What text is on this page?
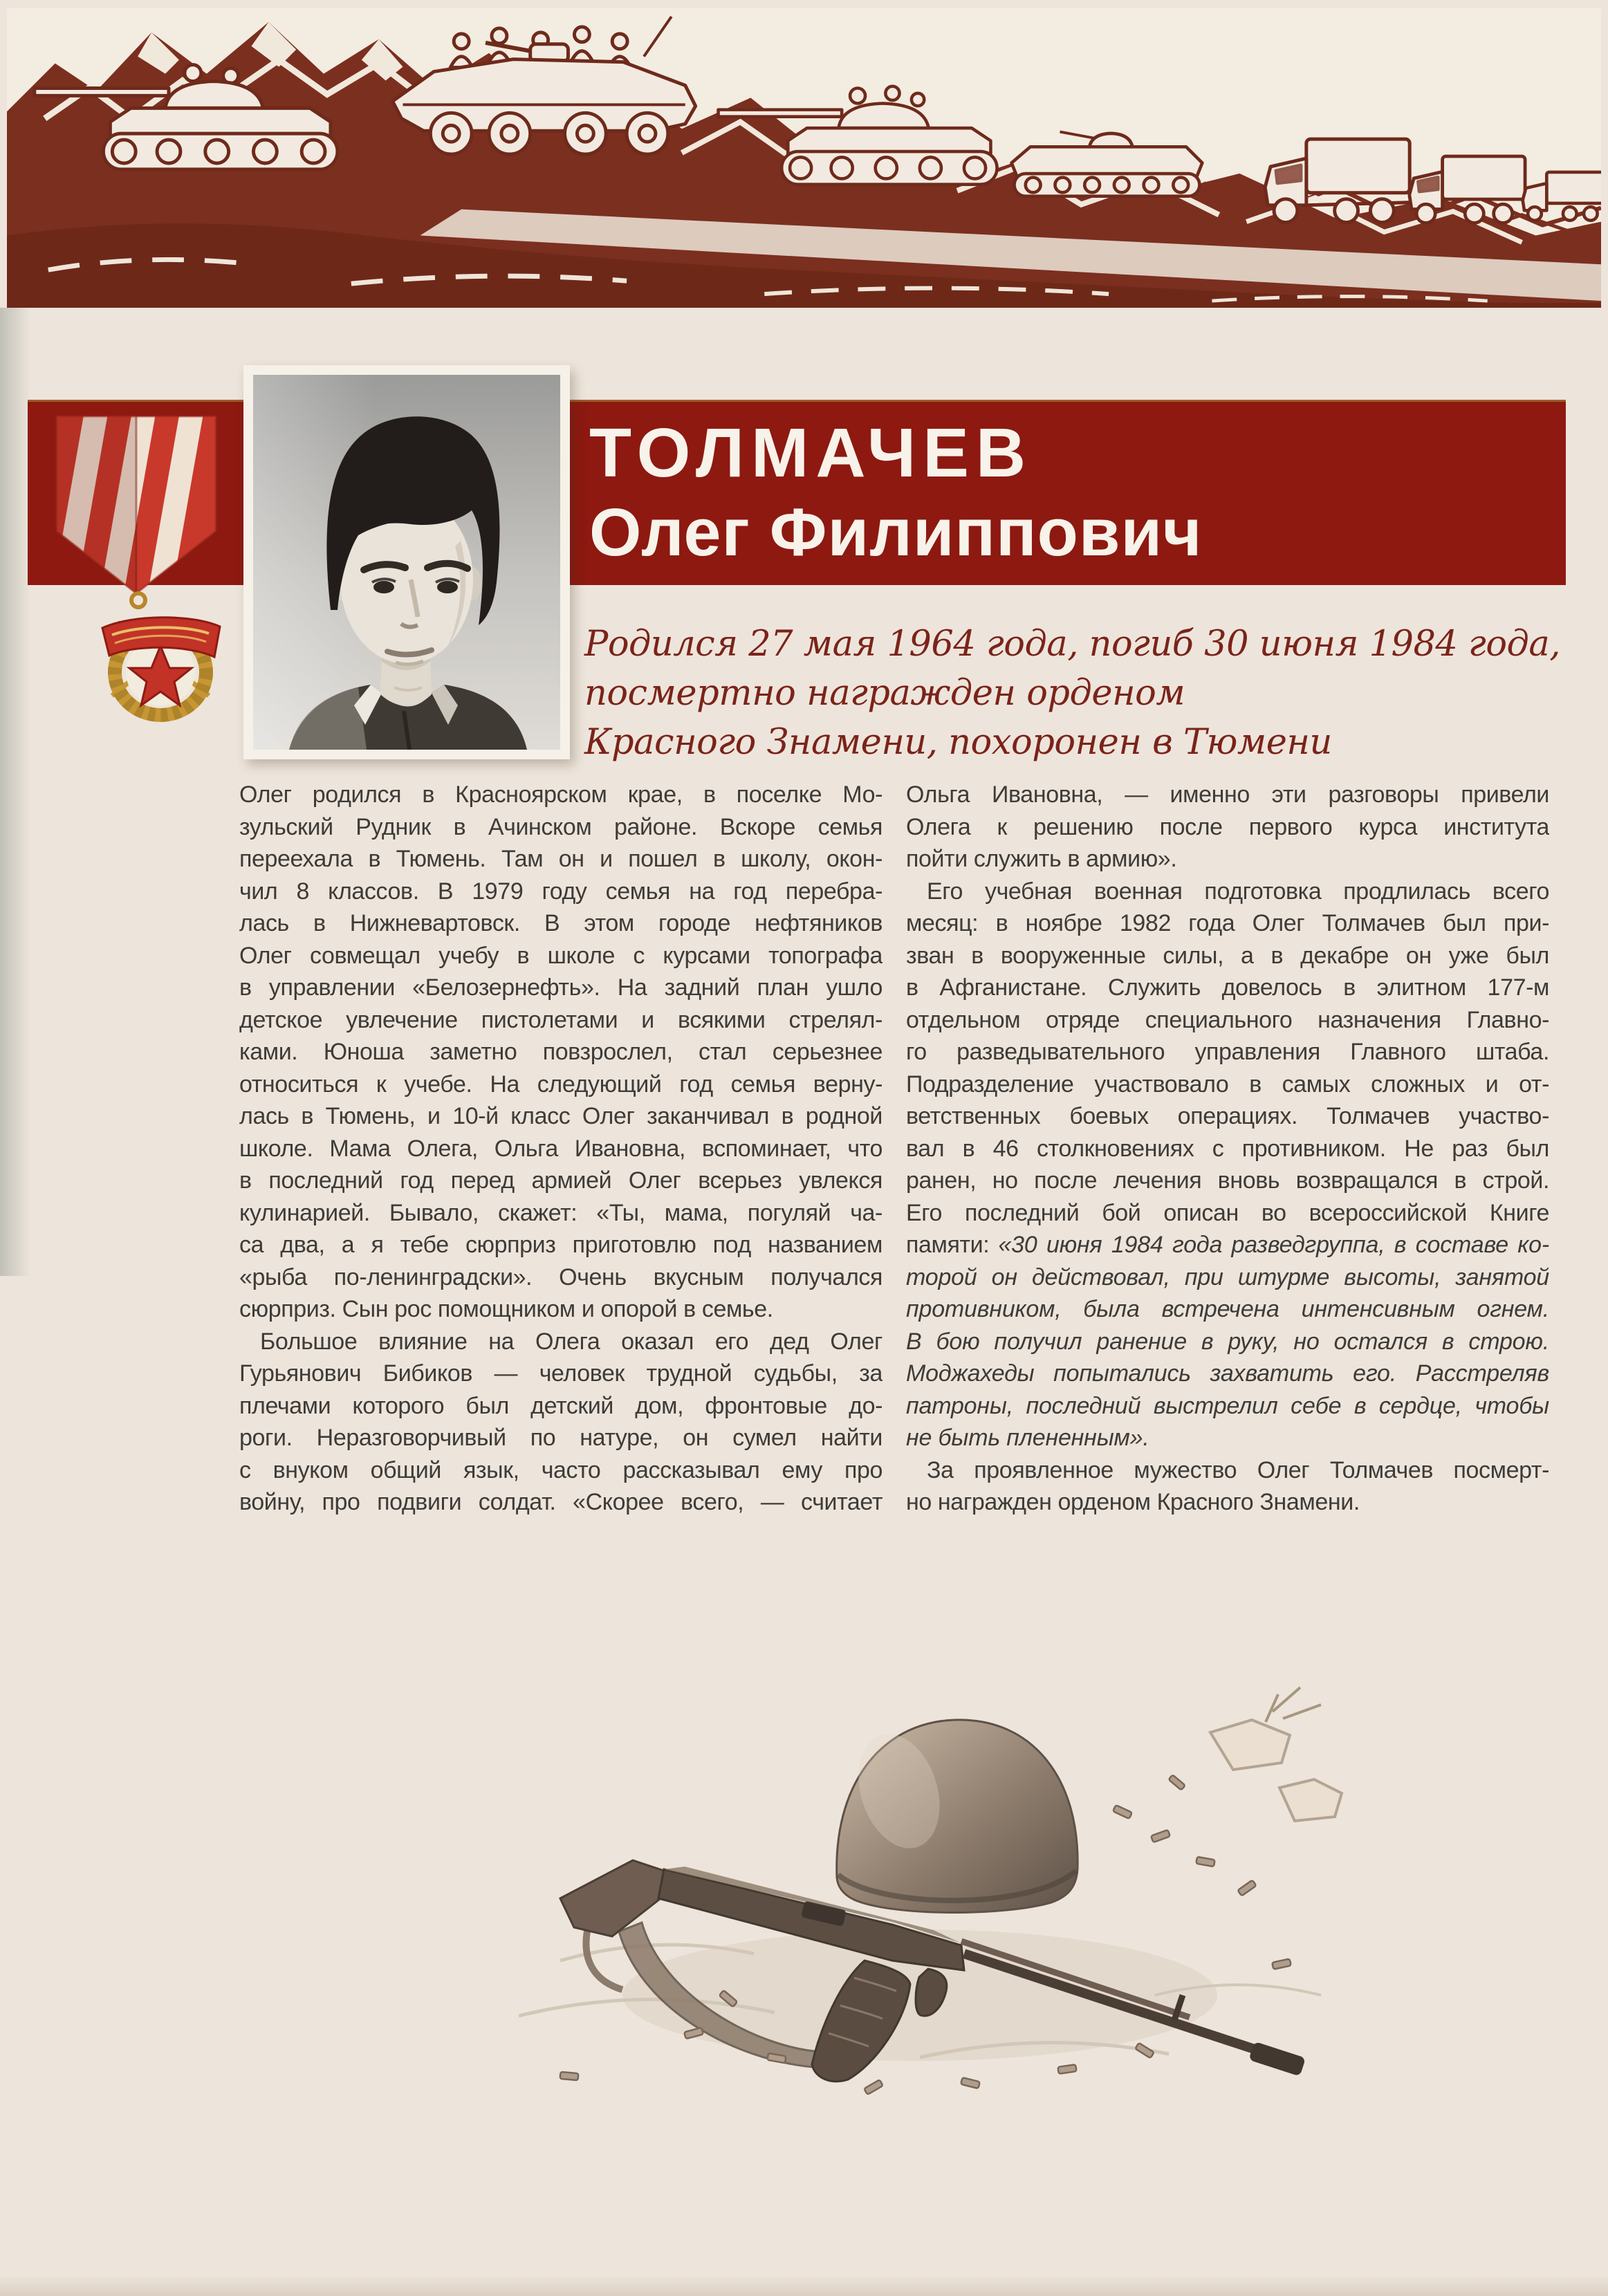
ТОЛМАЧЕВ
Олег Филиппович
Родился 27 мая 1964 года, погиб 30 июня 1984 года,
посмертно награжден орденом
Красного Знамени, похоронен в Тюмени
Олег родился в Красноярском крае, в поселке Мо-
зульский Рудник в Ачинском районе. Вскоре семья
переехала в Тюмень. Там он и пошел в школу, окон-
чил 8 классов. В 1979 году семья на год перебра-
лась в Нижневартовск. В этом городе нефтяников
Олег совмещал учебу в школе с курсами топографа
в управлении «Белозернефть». На задний план ушло
детское увлечение пистолетами и всякими стрелял-
ками. Юноша заметно повзрослел, стал серьезнее
относиться к учебе. На следующий год семья верну-
лась в Тюмень, и 10-й класс Олег заканчивал в родной
школе. Мама Олега, Ольга Ивановна, вспоминает, что
в последний год перед армией Олег всерьез увлекся
кулинарией. Бывало, скажет: «Ты, мама, погуляй ча-
са два, а я тебе сюрприз приготовлю под названием
«рыба по-ленинградски». Очень вкусным получался
сюрприз. Сын рос помощником и опорой в семье.
Большое влияние на Олега оказал его дед Олег
Гурьянович Бибиков — человек трудной судьбы, за
плечами которого был детский дом, фронтовые до-
роги. Неразговорчивый по натуре, он сумел найти
с внуком общий язык, часто рассказывал ему про
войну, про подвиги солдат. «Скорее всего, — считает
Ольга Ивановна, — именно эти разговоры привели
Олега к решению после первого курса института
пойти служить в армию».
Его учебная военная подготовка продлилась всего
месяц: в ноябре 1982 года Олег Толмачев был при-
зван в вооруженные силы, а в декабре он уже был
в Афганистане. Служить довелось в элитном 177-м
отдельном отряде специального назначения Главно-
го разведывательного управления Главного штаба.
Подразделение участвовало в самых сложных и от-
ветственных боевых операциях. Толмачев участво-
вал в 46 столкновениях с противником. Не раз был
ранен, но после лечения вновь возвращался в строй.
Его последний бой описан во всероссийской Книге
памяти: «30 июня 1984 года разведгруппа, в составе ко-
торой он действовал, при штурме высоты, занятой
противником, была встречена интенсивным огнем.
В бою получил ранение в руку, но остался в строю.
Моджахеды попытались захватить его. Расстреляв
патроны, последний выстрелил себе в сердце, чтобы
не быть плененным».
За проявленное мужество Олег Толмачев посмерт-
но награжден орденом Красного Знамени.
